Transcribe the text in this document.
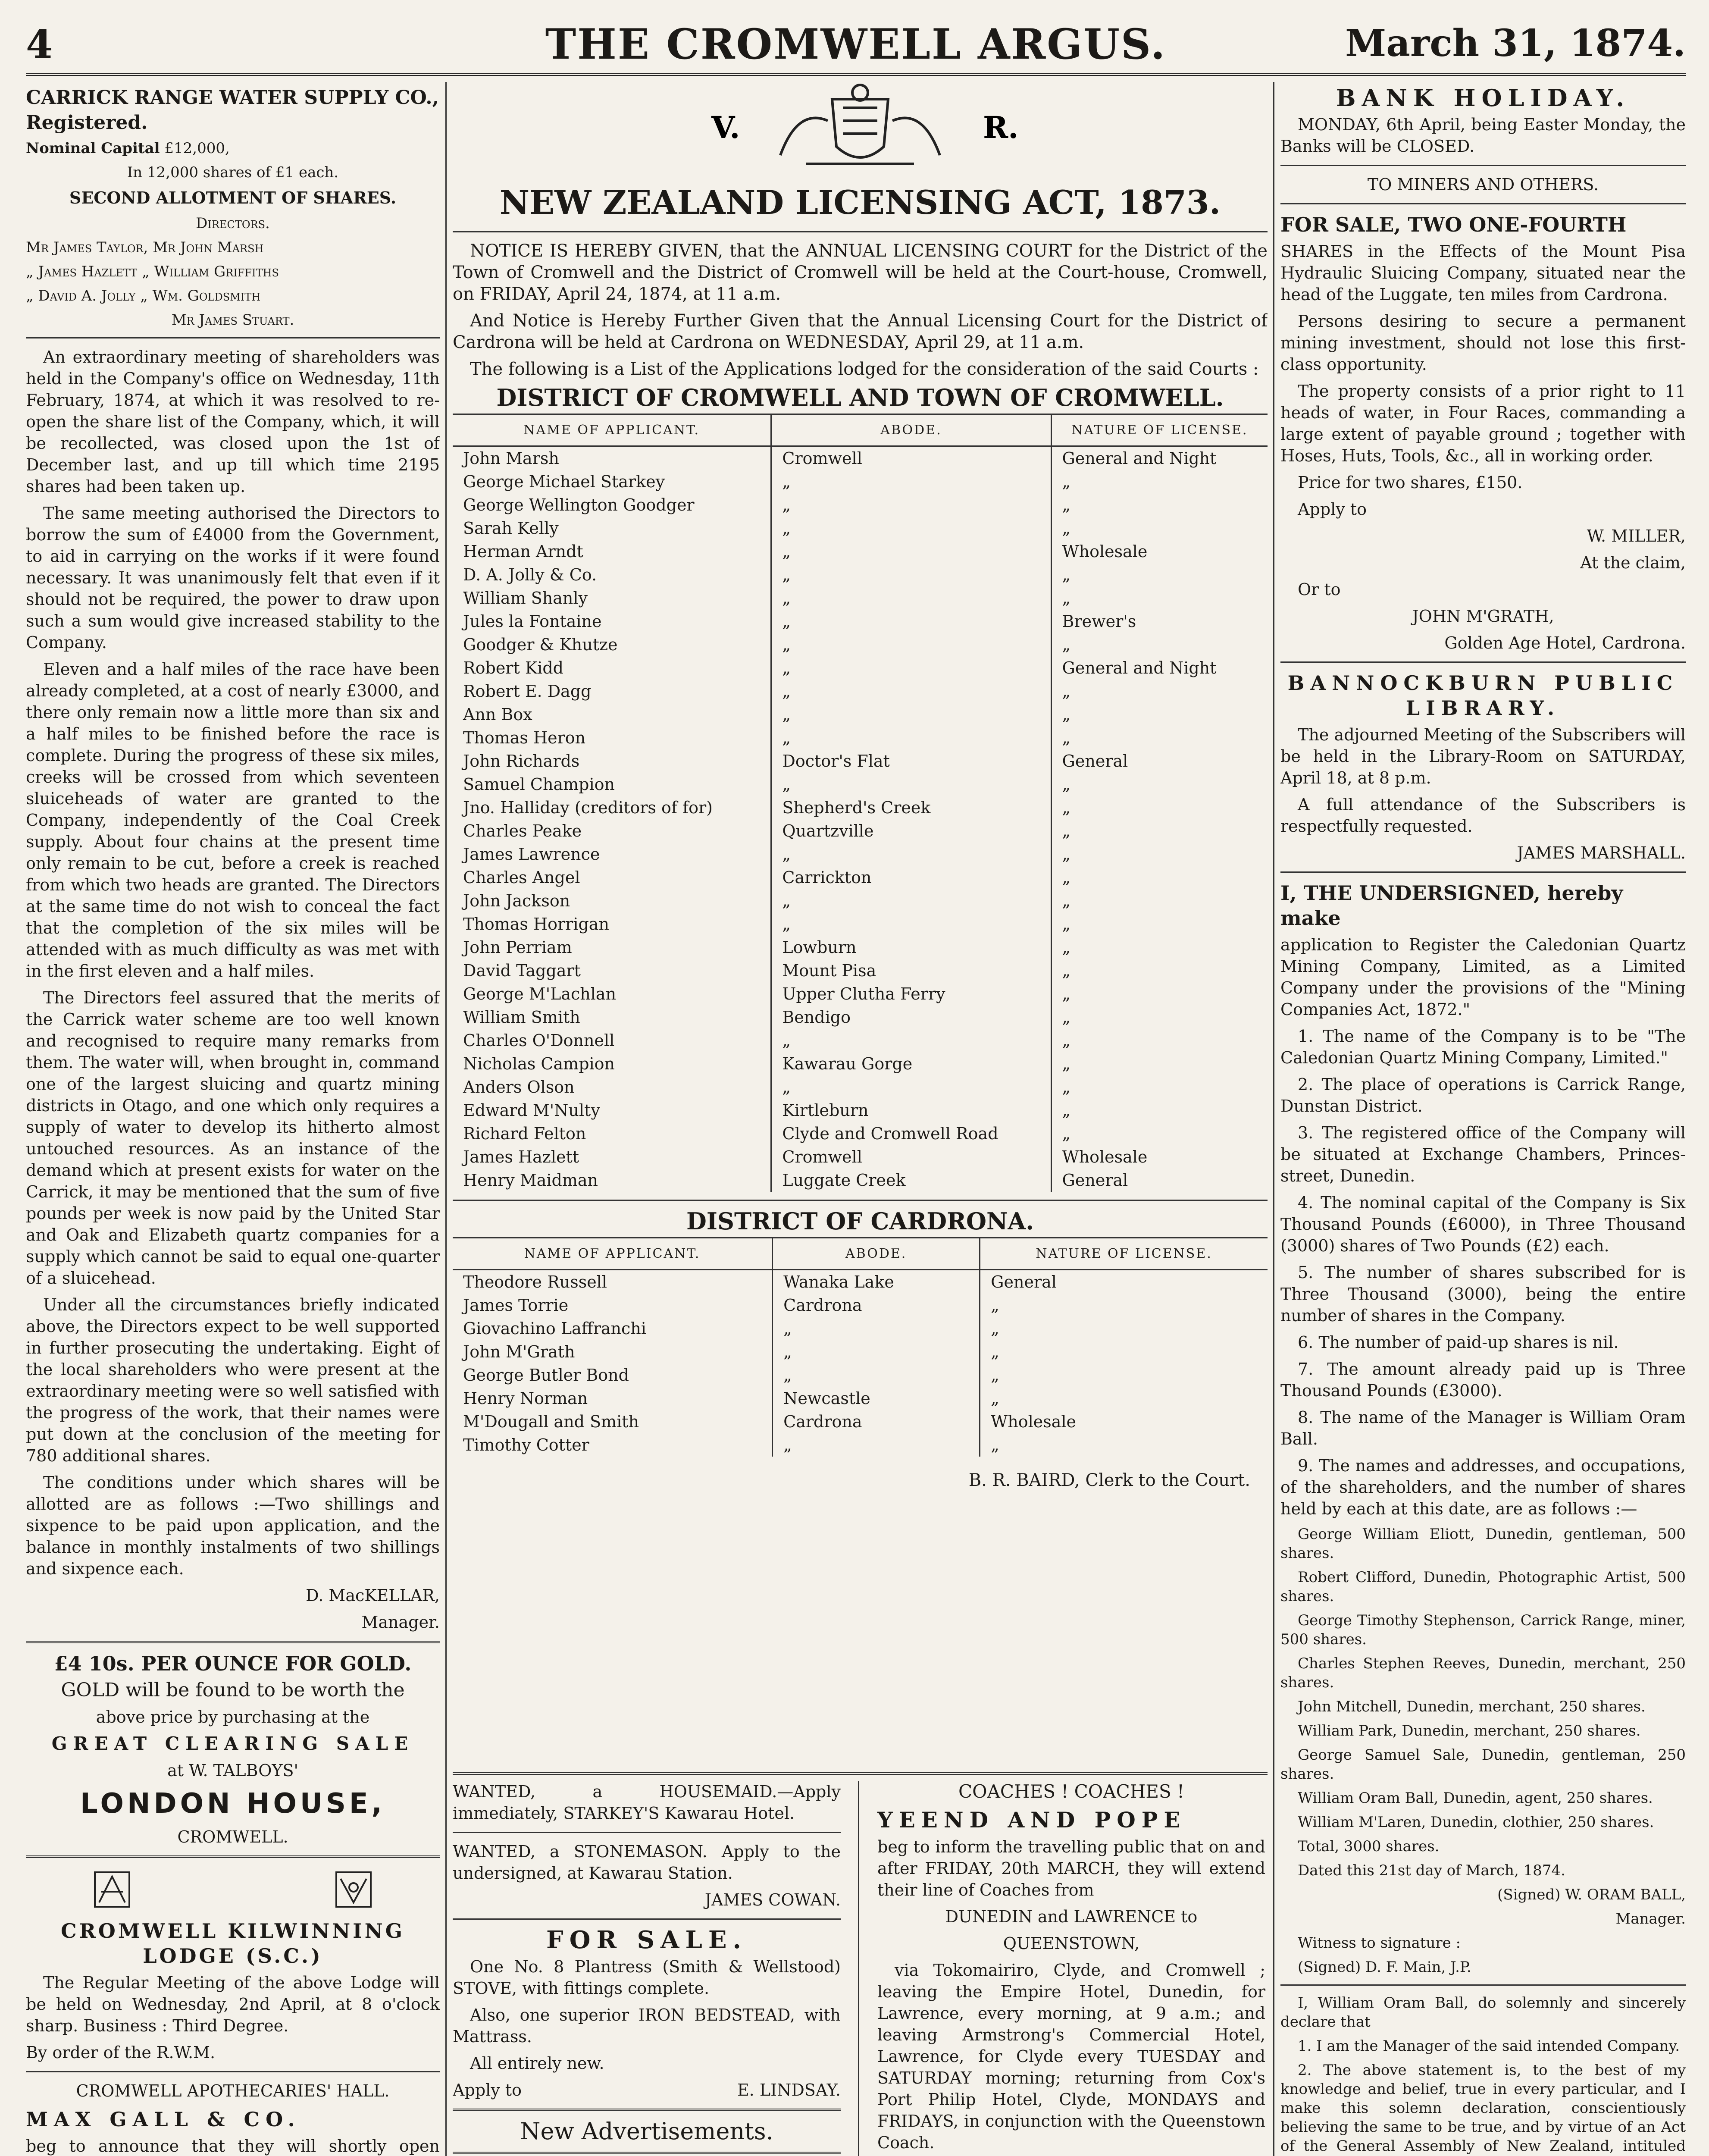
4	THE CROMWELL ARGUS.	March 31, 1874.

CARRICK RANGE WATER SUPPLY CO., Registered.

Nominal Capital £12,000,

In 12,000 shares of £1 each.

SECOND ALLOTMENT OF SHARES.

Directors.

Mr James Taylor, Mr John Marsh

„ James Hazlett „ William Griffiths

„ David A. Jolly „ Wm. Goldsmith

Mr James Stuart.

An extraordinary meeting of shareholders was held in the Company's office on Wednesday, 11th February, 1874, at which it was resolved to re-open the share list of the Company, which, it will be recollected, was closed upon the 1st of December last, and up till which time 2195 shares had been taken up.

The same meeting authorised the Directors to borrow the sum of £4000 from the Government, to aid in carrying on the works if it were found necessary. It was unanimously felt that even if it should not be required, the power to draw upon such a sum would give increased stability to the Company.

Eleven and a half miles of the race have been already completed, at a cost of nearly £3000, and there only remain now a little more than six and a half miles to be finished before the race is complete. During the progress of these six miles, creeks will be crossed from which seventeen sluiceheads of water are granted to the Company, independently of the Coal Creek supply. About four chains at the present time only remain to be cut, before a creek is reached from which two heads are granted. The Directors at the same time do not wish to conceal the fact that the completion of the six miles will be attended with as much difficulty as was met with in the first eleven and a half miles.

The Directors feel assured that the merits of the Carrick water scheme are too well known and recognised to require many remarks from them. The water will, when brought in, command one of the largest sluicing and quartz mining districts in Otago, and one which only requires a supply of water to develop its hitherto almost untouched resources. As an instance of the demand which at present exists for water on the Carrick, it may be mentioned that the sum of five pounds per week is now paid by the United Star and Oak and Elizabeth quartz companies for a supply which cannot be said to equal one-quarter of a sluicehead.

Under all the circumstances briefly indicated above, the Directors expect to be well supported in further prosecuting the undertaking. Eight of the local shareholders who were present at the extraordinary meeting were so well satisfied with the progress of the work, that their names were put down at the conclusion of the meeting for 780 additional shares.

The conditions under which shares will be allotted are as follows :—Two shillings and sixpence to be paid upon application, and the balance in monthly instalments of two shillings and sixpence each.

D. MacKELLAR,

Manager.

£4 10s. PER OUNCE FOR GOLD.

GOLD will be found to be worth the

above price by purchasing at the

GREAT CLEARING SALE

at W. TALBOYS'

LONDON HOUSE,

CROMWELL.

CROMWELL KILWINNING LODGE (S.C.)

The Regular Meeting of the above Lodge will be held on Wednesday, 2nd April, at 8 o'clock sharp. Business : Third Degree.

By order of the R.W.M.

CROMWELL APOTHECARIES' HALL.

MAX GALL & CO.

beg to announce that they will shortly open

V.	R.

NEW ZEALAND LICENSING ACT, 1873.

NOTICE IS HEREBY GIVEN, that the ANNUAL LICENSING COURT for the District of the Town of Cromwell and the District of Cromwell will be held at the Court-house, Cromwell, on FRIDAY, April 24, 1874, at 11 a.m.

And Notice is Hereby Further Given that the Annual Licensing Court for the District of Cardrona will be held at Cardrona on WEDNESDAY, April 29, at 11 a.m.

The following is a List of the Applications lodged for the consideration of the said Courts :

DISTRICT OF CROMWELL AND TOWN OF CROMWELL.

NAME OF APPLICANT.	ABODE.	NATURE OF LICENSE.
John Marsh	Cromwell	General and Night
George Michael Starkey	„	„
George Wellington Goodger	„	„
Sarah Kelly	„	„
Herman Arndt	„	Wholesale
D. A. Jolly & Co.	„	„
William Shanly	„	„
Jules la Fontaine	„	Brewer's
Goodger & Khutze	„	„
Robert Kidd	„	General and Night
Robert E. Dagg	„	„
Ann Box	„	„
Thomas Heron	„	„
John Richards	Doctor's Flat	General
Samuel Champion	„	„
Jno. Halliday (creditors of for)	Shepherd's Creek	„
Charles Peake	Quartzville	„
James Lawrence	„	„
Charles Angel	Carrickton	„
John Jackson	„	„
Thomas Horrigan	„	„
John Perriam	Lowburn	„
David Taggart	Mount Pisa	„
George M'Lachlan	Upper Clutha Ferry	„
William Smith	Bendigo	„
Charles O'Donnell	„	„
Nicholas Campion	Kawarau Gorge	„
Anders Olson	„	„
Edward M'Nulty	Kirtleburn	„
Richard Felton	Clyde and Cromwell Road	„
James Hazlett	Cromwell	Wholesale
Henry Maidman	Luggate Creek	General

DISTRICT OF CARDRONA.

NAME OF APPLICANT.	ABODE.	NATURE OF LICENSE.
Theodore Russell	Wanaka Lake	General
James Torrie	Cardrona	„
Giovachino Laffranchi	„	„
John M'Grath	„	„
George Butler Bond	„	„
Henry Norman	Newcastle	„
M'Dougall and Smith	Cardrona	Wholesale
Timothy Cotter	„	„

B. R. BAIRD, Clerk to the Court.

WANTED, a HOUSEMAID.—Apply immediately, STARKEY'S Kawarau Hotel.

WANTED, a STONEMASON. Apply to the undersigned, at Kawarau Station.

JAMES COWAN.

FOR SALE.

One No. 8 Plantress (Smith & Wellstood) STOVE, with fittings complete.

Also, one superior IRON BEDSTEAD, with Mattrass.

All entirely new.

Apply to	E. LINDSAY.

New Advertisements.

COACHES ! COACHES !

YEEND AND POPE

beg to inform the travelling public that on and after FRIDAY, 20th MARCH, they will extend their line of Coaches from

DUNEDIN and LAWRENCE to

QUEENSTOWN,

via Tokomairiro, Clyde, and Cromwell ; leaving the Empire Hotel, Dunedin, for Lawrence, every morning, at 9 a.m.; and leaving Armstrong's Commercial Hotel, Lawrence, for Clyde every TUESDAY and SATURDAY morning; returning from Cox's Port Philip Hotel, Clyde, MONDAYS and FRIDAYS, in conjunction with the Queenstown Coach.

BANK HOLIDAY.

MONDAY, 6th April, being Easter Monday, the Banks will be CLOSED.

TO MINERS AND OTHERS.

FOR SALE, TWO ONE-FOURTH

SHARES in the Effects of the Mount Pisa Hydraulic Sluicing Company, situated near the head of the Luggate, ten miles from Cardrona.

Persons desiring to secure a permanent mining investment, should not lose this first-class opportunity.

The property consists of a prior right to 11 heads of water, in Four Races, commanding a large extent of payable ground ; together with Hoses, Huts, Tools, &c., all in working order.

Price for two shares, £150.

Apply to

W. MILLER,

At the claim,

Or to

JOHN M'GRATH,

Golden Age Hotel, Cardrona.

BANNOCKBURN PUBLIC LIBRARY.

The adjourned Meeting of the Subscribers will be held in the Library-Room on SATURDAY, April 18, at 8 p.m.

A full attendance of the Subscribers is respectfully requested.

JAMES MARSHALL.

I, THE UNDERSIGNED, hereby make

application to Register the Caledonian Quartz Mining Company, Limited, as a Limited Company under the provisions of the "Mining Companies Act, 1872."

1. The name of the Company is to be "The Caledonian Quartz Mining Company, Limited."

2. The place of operations is Carrick Range, Dunstan District.

3. The registered office of the Company will be situated at Exchange Chambers, Princes-street, Dunedin.

4. The nominal capital of the Company is Six Thousand Pounds (£6000), in Three Thousand (3000) shares of Two Pounds (£2) each.

5. The number of shares subscribed for is Three Thousand (3000), being the entire number of shares in the Company.

6. The number of paid-up shares is nil.

7. The amount already paid up is Three Thousand Pounds (£3000).

8. The name of the Manager is William Oram Ball.

9. The names and addresses, and occupations, of the shareholders, and the number of shares held by each at this date, are as follows :—

George William Eliott, Dunedin, gentleman, 500 shares.

Robert Clifford, Dunedin, Photographic Artist, 500 shares.

George Timothy Stephenson, Carrick Range, miner, 500 shares.

Charles Stephen Reeves, Dunedin, merchant, 250 shares.

John Mitchell, Dunedin, merchant, 250 shares.

William Park, Dunedin, merchant, 250 shares.

George Samuel Sale, Dunedin, gentleman, 250 shares.

William Oram Ball, Dunedin, agent, 250 shares.

William M'Laren, Dunedin, clothier, 250 shares.

Total, 3000 shares.

Dated this 21st day of March, 1874.

(Signed) W. ORAM BALL,

Manager.

Witness to signature :

(Signed) D. F. Main, J.P.

I, William Oram Ball, do solemnly and sincerely declare that

1. I am the Manager of the said intended Company.

2. The above statement is, to the best of my knowledge and belief, true in every particular, and I make this solemn declaration, conscientiously believing the same to be true, and by virtue of an Act of the General Assembly of New Zealand, intituled
